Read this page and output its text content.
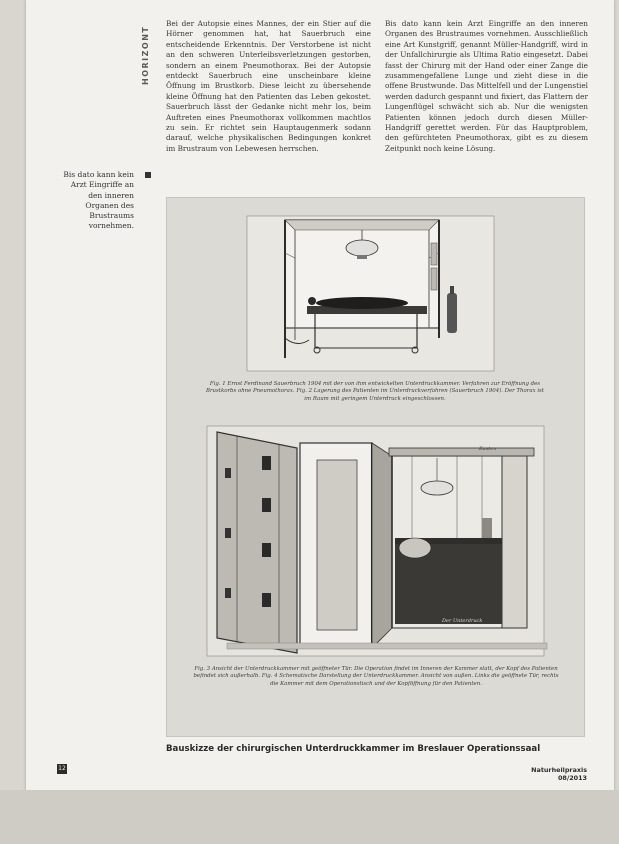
HORIZONT
Bis dato kann kein Arzt Eingriffe an den inneren Organen des Brustraums vornehmen.
Bei der Autopsie eines Mannes, der ein Stier auf die Hörner genommen hat, hat Sauerbruch eine entscheidende Erkenntnis. Der Verstorbene ist nicht an den schweren Unterleibsverletzungen gestorben, sondern an einem Pneumothorax. Bei der Autopsie entdeckt Sauerbruch eine unscheinbare kleine Öffnung im Brustkorb. Diese leicht zu übersehende kleine Öffnung hat den Patienten das Leben gekostet. Sauerbruch lässt der Gedanke nicht mehr los, beim Auftreten eines Pneumothorax vollkommen machtlos zu sein. Er richtet sein Hauptaugenmerk sodann darauf, welche physikalischen Bedingungen konkret im Brustraum von Lebewesen herrschen.
Bis dato kann kein Arzt Eingriffe an den inneren Organen des Brustraumes vornehmen. Ausschließlich eine Art Kunstgriff, genannt Müller-Handgriff, wird in der Unfallchirurgie als Ultima Ratio eingesetzt. Dabei fasst der Chirurg mit der Hand oder einer Zange die zusammengefallene Lunge und zieht diese in die offene Brustwunde. Das Mittelfell und der Lungenstiel werden dadurch gespannt und fixiert, das Flattern der Lungenflügel schwächt sich ab. Nur die wenigsten Patienten können jedoch durch diesen Müller-Handgriff gerettet werden. Für das Hauptproblem, den gefürchteten Pneumothorax, gibt es zu diesem Zeitpunkt noch keine Lösung.
Kasten
Der Unterdruck
Fig. 1 Ernst Ferdinand Sauerbruch 1904 mit der von ihm entwickelten Unterdruckkammer. Verfahren zur Eröffnung des Brustkorbs ohne Pneumothorax. Fig. 2 Lagerung des Patienten im Unterdruckverfahren (Sauerbruch 1904). Der Thorax ist im Raum mit geringem Unterdruck eingeschlossen.
Fig. 3 Ansicht der Unterdruckkammer mit geöffneter Tür. Die Operation findet im Inneren der Kammer statt, der Kopf des Patienten befindet sich außerhalb. Fig. 4 Schematische Darstellung der Unterdruckkammer. Ansicht von außen. Links die geöffnete Tür, rechts die Kammer mit dem Operationstisch und der Kopföffnung für den Patienten.
Bauskizze der chirurgischen Unterdruckkammer im Breslauer Operationssaal
12	Naturheilpraxis 08/2013
